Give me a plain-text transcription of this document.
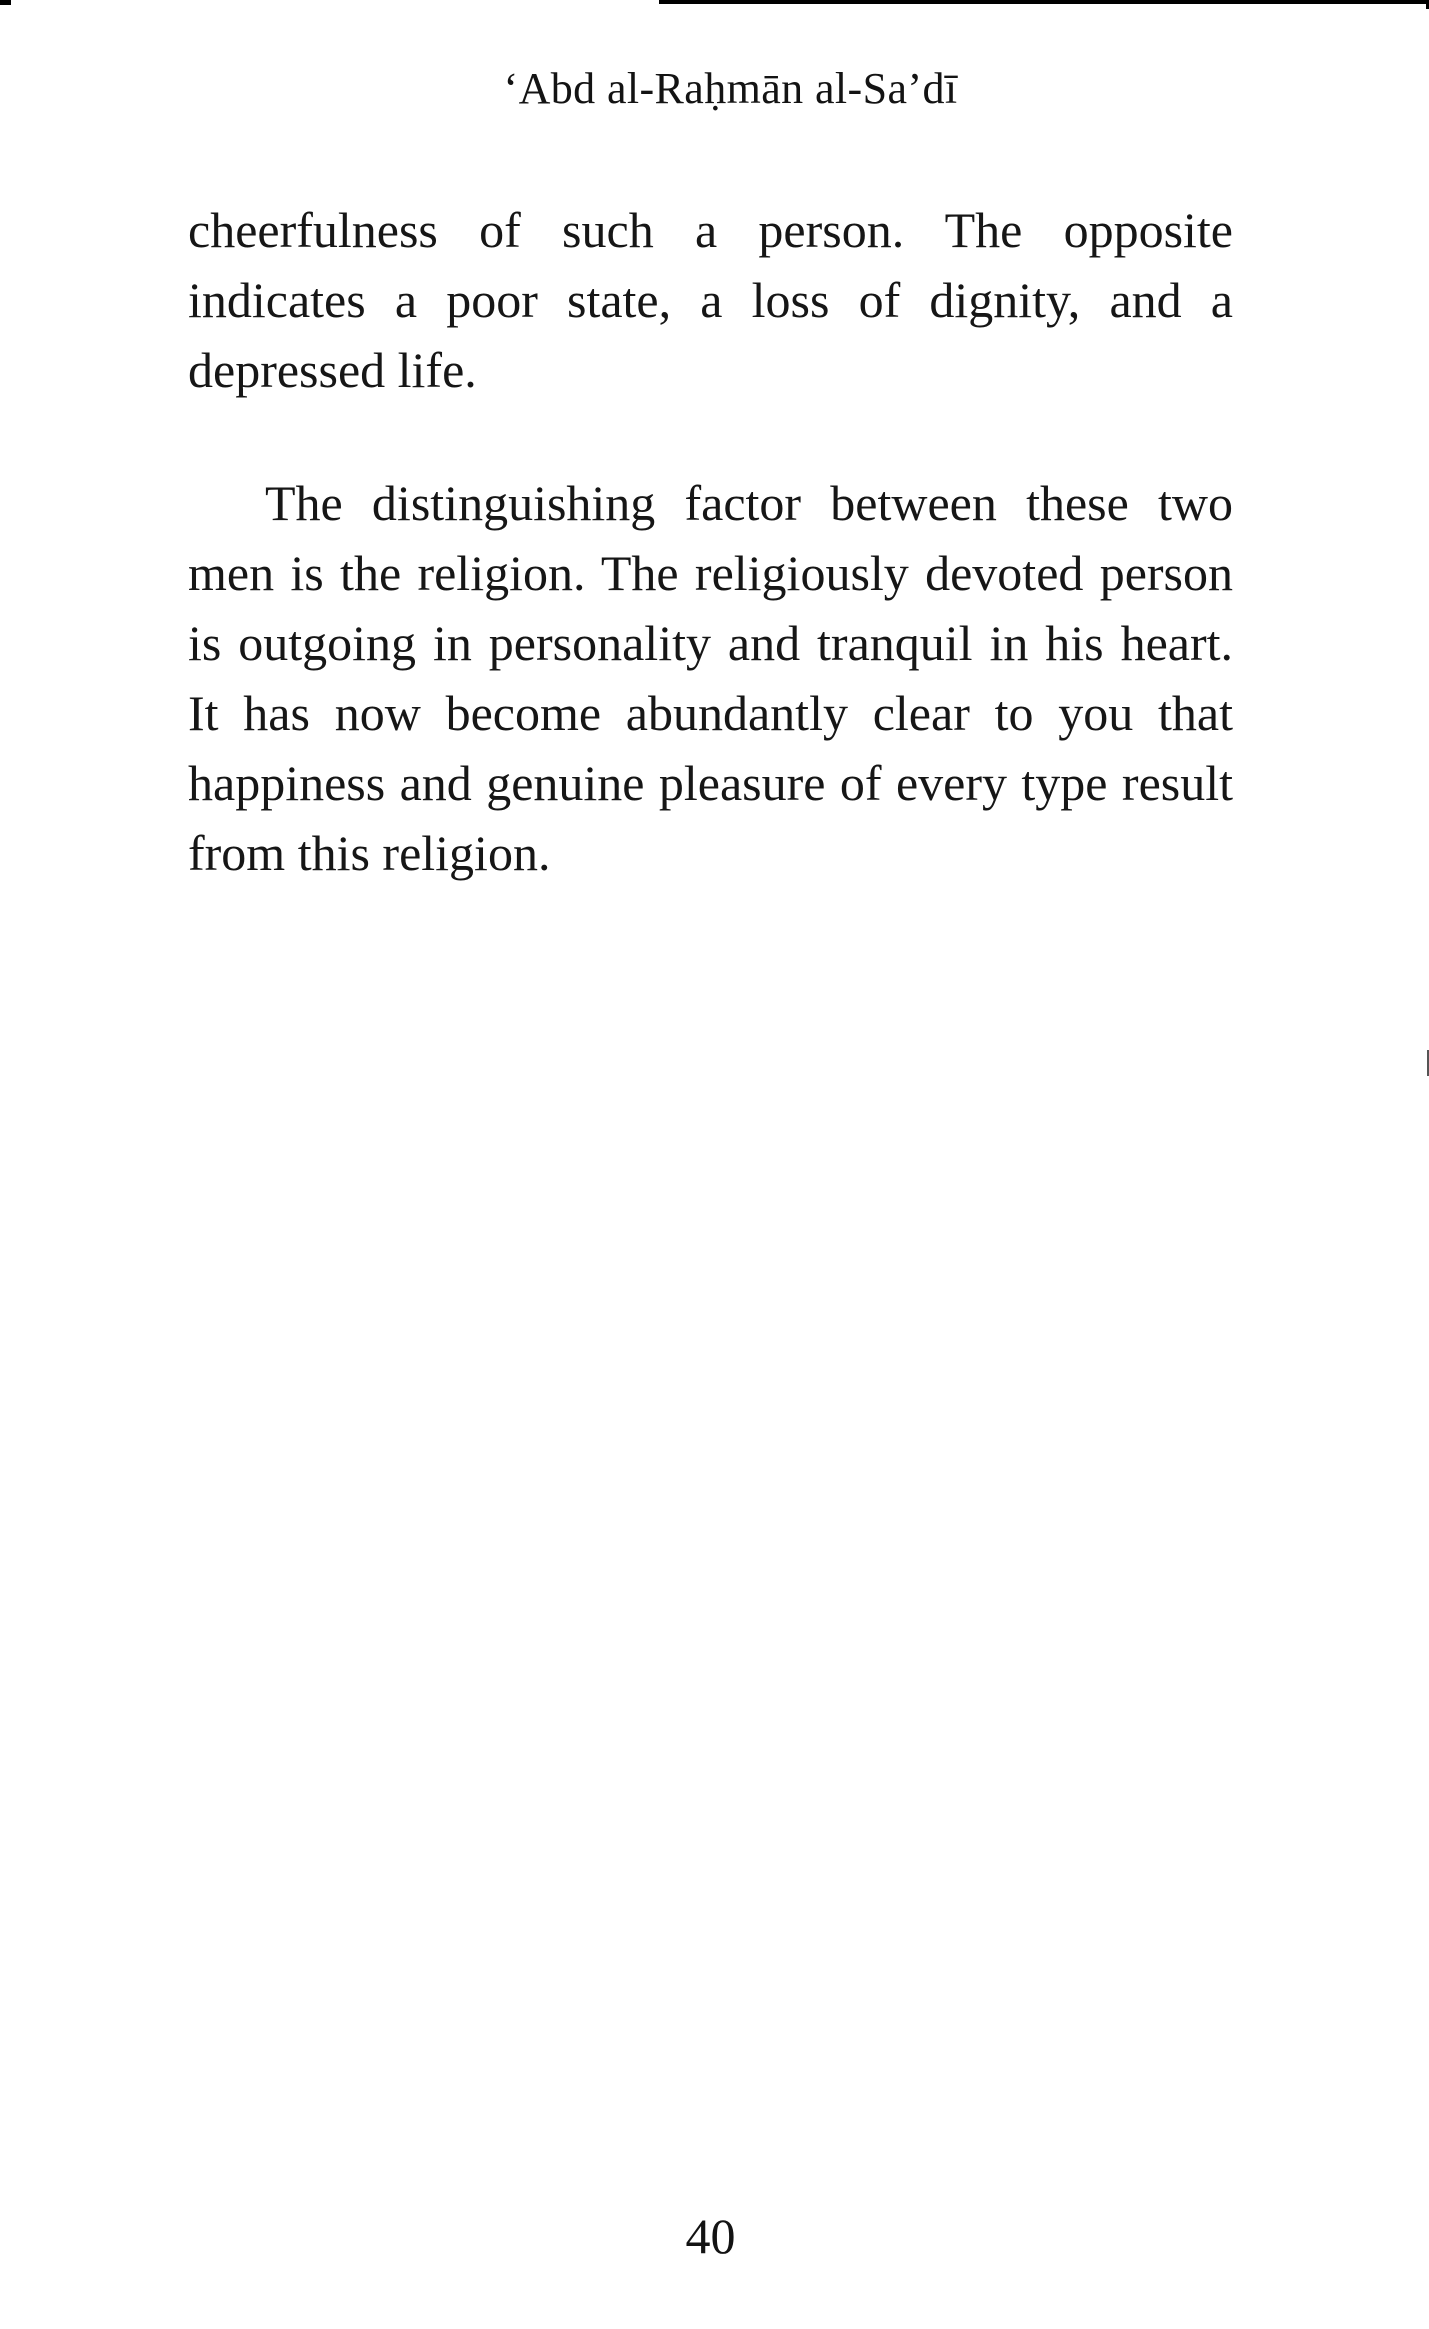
‘Abd al-Raḥmān al-Sa’dī
cheerfulness of such a person. The opposite
indicates a poor state, a loss of dignity, and a
depressed life.
The distinguishing factor between these two
men is the religion. The religiously devoted person
is outgoing in personality and tranquil in his heart.
It has now become abundantly clear to you that
happiness and genuine pleasure of every type result
from this religion.
40
